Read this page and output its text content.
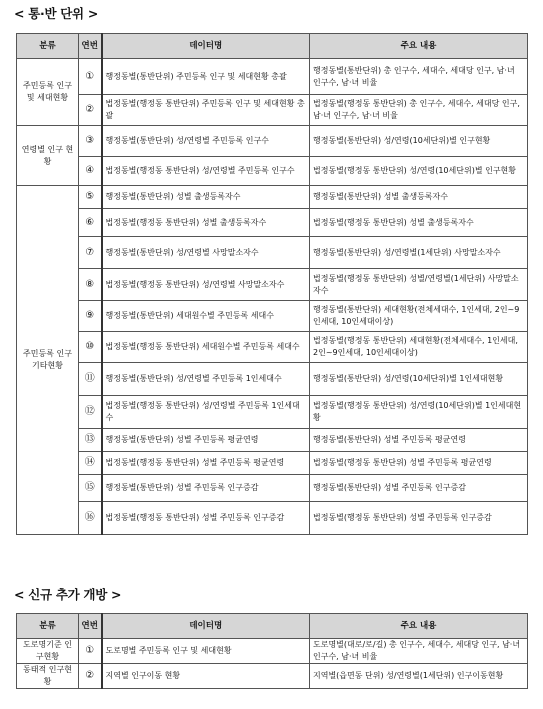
< 통·반 단위 >
분류	연번	데이터명	주요 내용
주민등록 인구 및 세대현황	①	행정동별(통반단위) 주민등록 인구 및 세대현황 총괄	행정동별(통반단위) 총 인구수, 세대수, 세대당 인구, 남·녀 인구수, 남·녀 비율
	②	법정동별(행정동 통반단위) 주민등록 인구 및 세대현황 총괄	법정동별(행정동 통반단위) 총 인구수, 세대수, 세대당 인구, 남·녀 인구수, 남·녀 비율
연령별 인구 현황	③	행정동별(통반단위) 성/연령별 주민등록 인구수	행정동별(통반단위) 성/연령(10세단위)별 인구현황
	④	법정동별(행정동 통반단위) 성/연령별 주민등록 인구수	법정동별(행정동 통반단위) 성/연령(10세단위)별 인구현황
주민등록 인구 기타현황	⑤	행정동별(통반단위) 성별 출생등록자수	행정동별(통반단위) 성별 출생등록자수
	⑥	법정동별(행정동 통반단위) 성별 출생등록자수	법정동별(행정동 통반단위) 성별 출생등록자수
	⑦	행정동별(통반단위) 성/연령별 사망말소자수	행정동별(통반단위) 성/연령별(1세단위) 사망말소자수
	⑧	법정동별(행정동 통반단위) 성/연령별 사망말소자수	법정동별(행정동 통반단위) 성별/연령별(1세단위) 사망말소자수
	⑨	행정동별(통반단위) 세대원수별 주민등록 세대수	행정동별(통반단위) 세대현황(전체세대수, 1인세대, 2인~9인세대, 10인세대이상)
	⑩	법정동별(행정동 통반단위) 세대원수별 주민등록 세대수	법정동별(행정동 통반단위) 세대현황(전체세대수, 1인세대, 2인~9인세대, 10인세대이상)
	⑪	행정동별(통반단위) 성/연령별 주민등록 1인세대수	행정동별(통반단위) 성/연령(10세단위)별 1인세대현황
	⑫	법정동별(행정동 통반단위) 성/연령별 주민등록 1인세대수	법정동별(행정동 통반단위) 성/연령(10세단위)별 1인세대현황
	⑬	행정동별(통반단위) 성별 주민등록 평균연령	행정동별(통반단위) 성별 주민등록 평균연령
	⑭	법정동별(행정동 통반단위) 성별 주민등록 평균연령	법정동별(행정동 통반단위) 성별 주민등록 평균연령
	⑮	행정동별(통반단위) 성별 주민등록 인구증감	행정동별(통반단위) 성별 주민등록 인구증감
	⑯	법정동별(행정동 통반단위) 성별 주민등록 인구증감	법정동별(행정동 통반단위) 성별 주민등록 인구증감
< 신규 추가 개방 >
분류	연번	데이터명	주요 내용
도로명기준 인구현황	①	도로명별 주민등록 인구 및 세대현황	도로명별(대로/로/길) 총 인구수, 세대수, 세대당 인구, 남·녀 인구수, 남·녀 비율
동태적 인구현황	②	지역별 인구이동 현황	지역별(읍면동 단위) 성/연령별(1세단위) 인구이동현황
